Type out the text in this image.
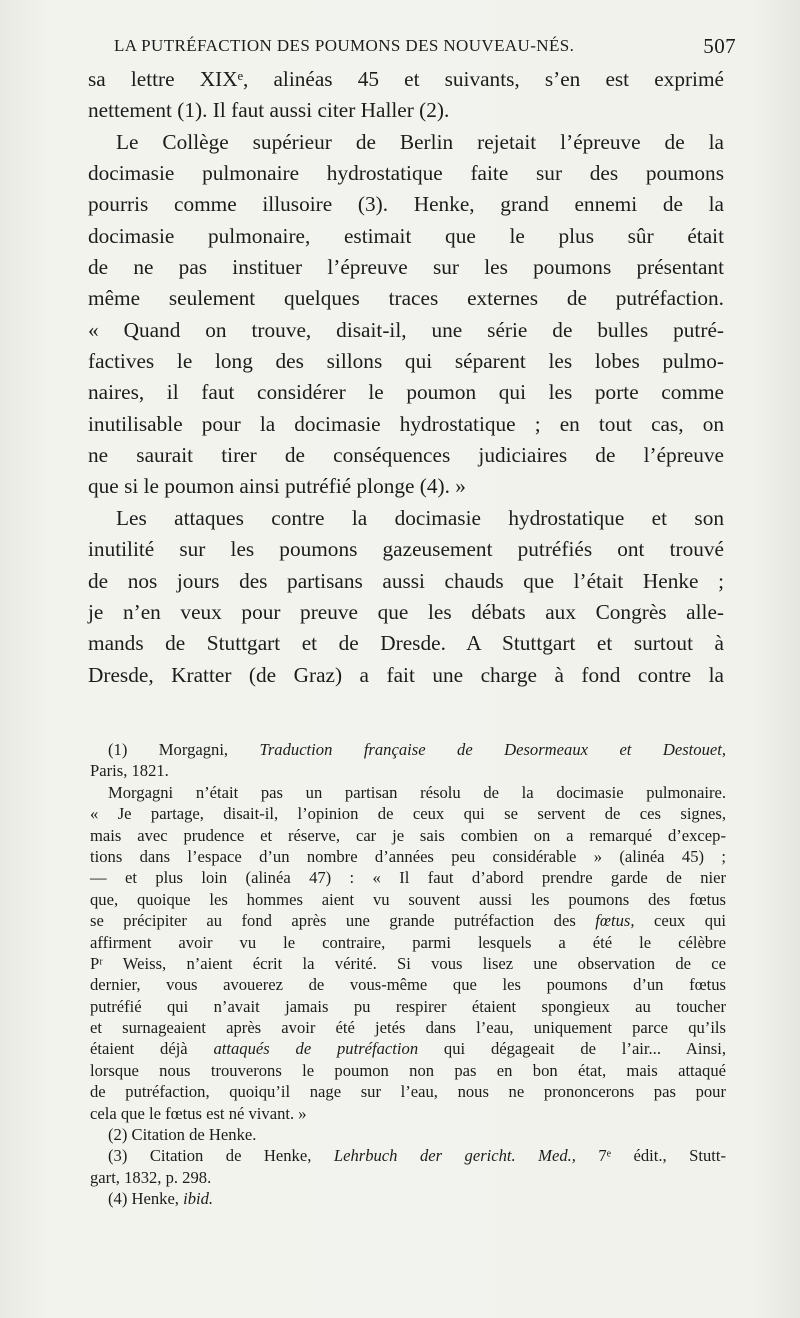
LA PUTRÉFACTION DES POUMONS DES NOUVEAU-NÉS.	507
sa lettre XIXᵉ, alinéas 45 et suivants, s’en est exprimé
nettement (1). Il faut aussi citer Haller (2).
Le Collège supérieur de Berlin rejetait l’épreuve de la
docimasie pulmonaire hydrostatique faite sur des poumons
pourris comme illusoire (3). Henke, grand ennemi de la
docimasie pulmonaire, estimait que le plus sûr était
de ne pas instituer l’épreuve sur les poumons présentant
même seulement quelques traces externes de putréfaction.
« Quand on trouve, disait-il, une série de bulles putré-
factives le long des sillons qui séparent les lobes pulmo-
naires, il faut considérer le poumon qui les porte comme
inutilisable pour la docimasie hydrostatique ; en tout cas, on
ne saurait tirer de conséquences judiciaires de l’épreuve
que si le poumon ainsi putréfié plonge (4). »
Les attaques contre la docimasie hydrostatique et son
inutilité sur les poumons gazeusement putréfiés ont trouvé
de nos jours des partisans aussi chauds que l’était Henke ;
je n’en veux pour preuve que les débats aux Congrès alle-
mands de Stuttgart et de Dresde. A Stuttgart et surtout à
Dresde, Kratter (de Graz) a fait une charge à fond contre la
(1) Morgagni, Traduction française de Desormeaux et Destouet,
Paris, 1821.
Morgagni n’était pas un partisan résolu de la docimasie pulmonaire.
« Je partage, disait-il, l’opinion de ceux qui se servent de ces signes,
mais avec prudence et réserve, car je sais combien on a remarqué d’excep-
tions dans l’espace d’un nombre d’années peu considérable » (alinéa 45) ;
— et plus loin (alinéa 47) : « Il faut d’abord prendre garde de nier
que, quoique les hommes aient vu souvent aussi les poumons des fœtus
se précipiter au fond après une grande putréfaction des fœtus, ceux qui
affirment avoir vu le contraire, parmi lesquels a été le célèbre
Pʳ Weiss, n’aient écrit la vérité. Si vous lisez une observation de ce
dernier, vous avouerez de vous-même que les poumons d’un fœtus
putréfié qui n’avait jamais pu respirer étaient spongieux au toucher
et surnageaient après avoir été jetés dans l’eau, uniquement parce qu’ils
étaient déjà attaqués de putréfaction qui dégageait de l’air... Ainsi,
lorsque nous trouverons le poumon non pas en bon état, mais attaqué
de putréfaction, quoiqu’il nage sur l’eau, nous ne prononcerons pas pour
cela que le fœtus est né vivant. »
(2) Citation de Henke.
(3) Citation de Henke, Lehrbuch der gericht. Med., 7ᵉ édit., Stutt-
gart, 1832, p. 298.
(4) Henke, ibid.
